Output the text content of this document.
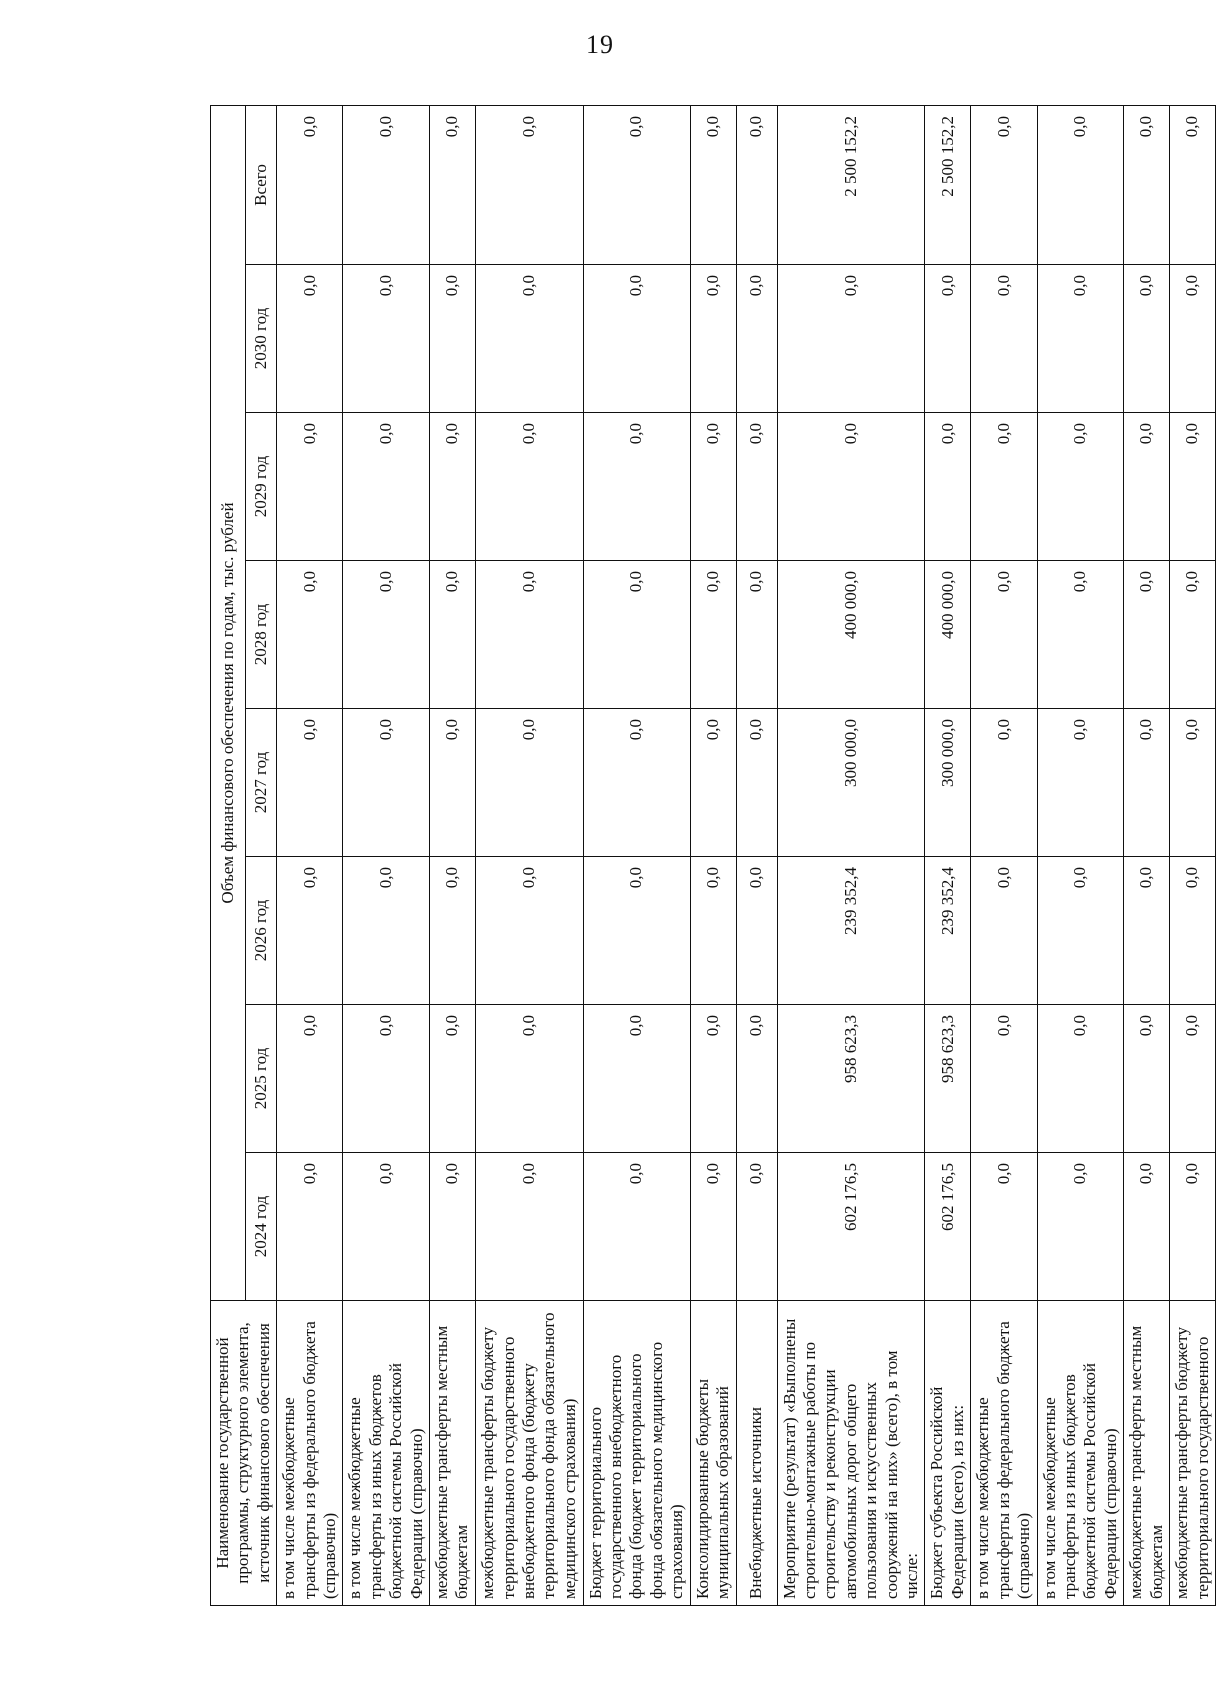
19
Наименование государственной программы, структурного элемента, источник финансового обеспечения	Объем финансового обеспечения по годам, тыс. рублей							
	2024 год	2025 год	2026 год	2027 год	2028 год	2029 год	2030 год	Всего
в том числе межбюджетные трансферты из федерального бюджета (справочно)	0,0	0,0	0,0	0,0	0,0	0,0	0,0	0,0
в том числе межбюджетные трансферты из иных бюджетов бюджетной системы Российской Федерации (справочно)	0,0	0,0	0,0	0,0	0,0	0,0	0,0	0,0
межбюджетные трансферты местным бюджетам	0,0	0,0	0,0	0,0	0,0	0,0	0,0	0,0
межбюджетные трансферты бюджету территориального государственного внебюджетного фонда (бюджету территориального фонда обязательного медицинского страхования)	0,0	0,0	0,0	0,0	0,0	0,0	0,0	0,0
Бюджет территориального государственного внебюджетного фонда (бюджет территориального фонда обязательного медицинского страхования)	0,0	0,0	0,0	0,0	0,0	0,0	0,0	0,0
Консолидированные бюджеты муниципальных образований	0,0	0,0	0,0	0,0	0,0	0,0	0,0	0,0
Внебюджетные источники	0,0	0,0	0,0	0,0	0,0	0,0	0,0	0,0
Мероприятие (результат) «Выполнены строительно-монтажные работы по строительству и реконструкции автомобильных дорог общего пользования и искусственных сооружений на них» (всего), в том числе:	602 176,5	958 623,3	239 352,4	300 000,0	400 000,0	0,0	0,0	2 500 152,2
Бюджет субъекта Российской Федерации (всего), из них:	602 176,5	958 623,3	239 352,4	300 000,0	400 000,0	0,0	0,0	2 500 152,2
в том числе межбюджетные трансферты из федерального бюджета (справочно)	0,0	0,0	0,0	0,0	0,0	0,0	0,0	0,0
в том числе межбюджетные трансферты из иных бюджетов бюджетной системы Российской Федерации (справочно)	0,0	0,0	0,0	0,0	0,0	0,0	0,0	0,0
межбюджетные трансферты местным бюджетам	0,0	0,0	0,0	0,0	0,0	0,0	0,0	0,0
межбюджетные трансферты бюджету территориального государственного	0,0	0,0	0,0	0,0	0,0	0,0	0,0	0,0
